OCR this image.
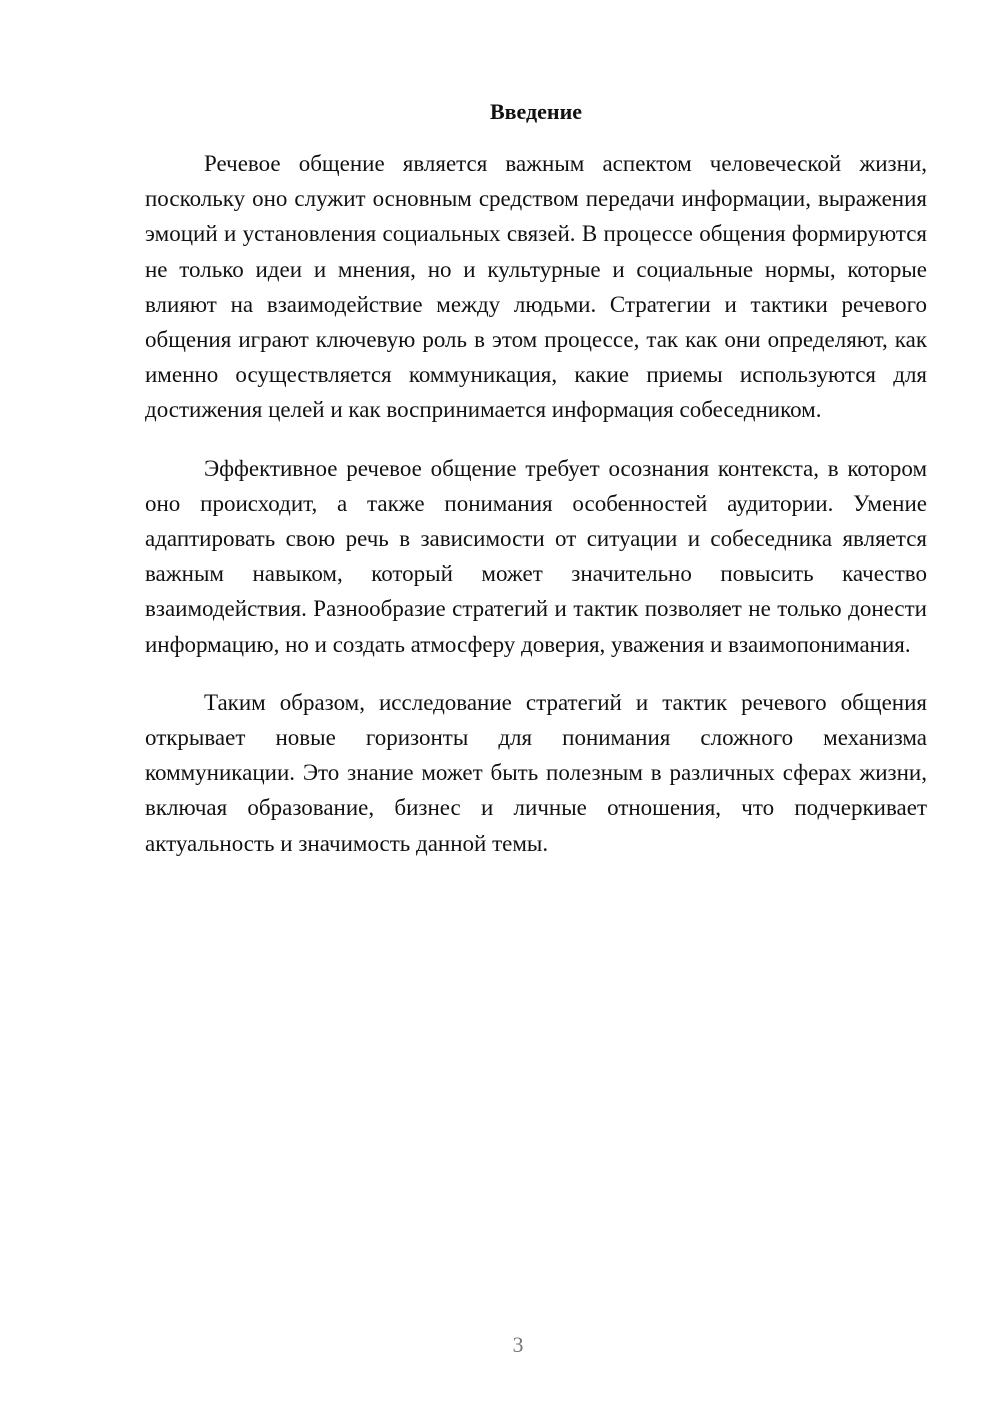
Введение

Речевое общение является важным аспектом человеческой жизни, поскольку оно служит основным средством передачи информации, выражения эмоций и установления социальных связей. В процессе общения формируются не только идеи и мнения, но и культурные и социальные нормы, которые влияют на взаимодействие между людьми. Стратегии и тактики речевого общения играют ключевую роль в этом процессе, так как они определяют, как именно осуществляется коммуникация, какие приемы используются для достижения целей и как воспринимается информация собеседником.

Эффективное речевое общение требует осознания контекста, в котором оно происходит, а также понимания особенностей аудитории. Умение адаптировать свою речь в зависимости от ситуации и собеседника является важным навыком, который может значительно повысить качество взаимодействия. Разнообразие стратегий и тактик позволяет не только донести информацию, но и создать атмосферу доверия, уважения и взаимопонимания.

Таким образом, исследование стратегий и тактик речевого общения открывает новые горизонты для понимания сложного механизма коммуникации. Это знание может быть полезным в различных сферах жизни, включая образование, бизнес и личные отношения, что подчеркивает актуальность и значимость данной темы.

3
